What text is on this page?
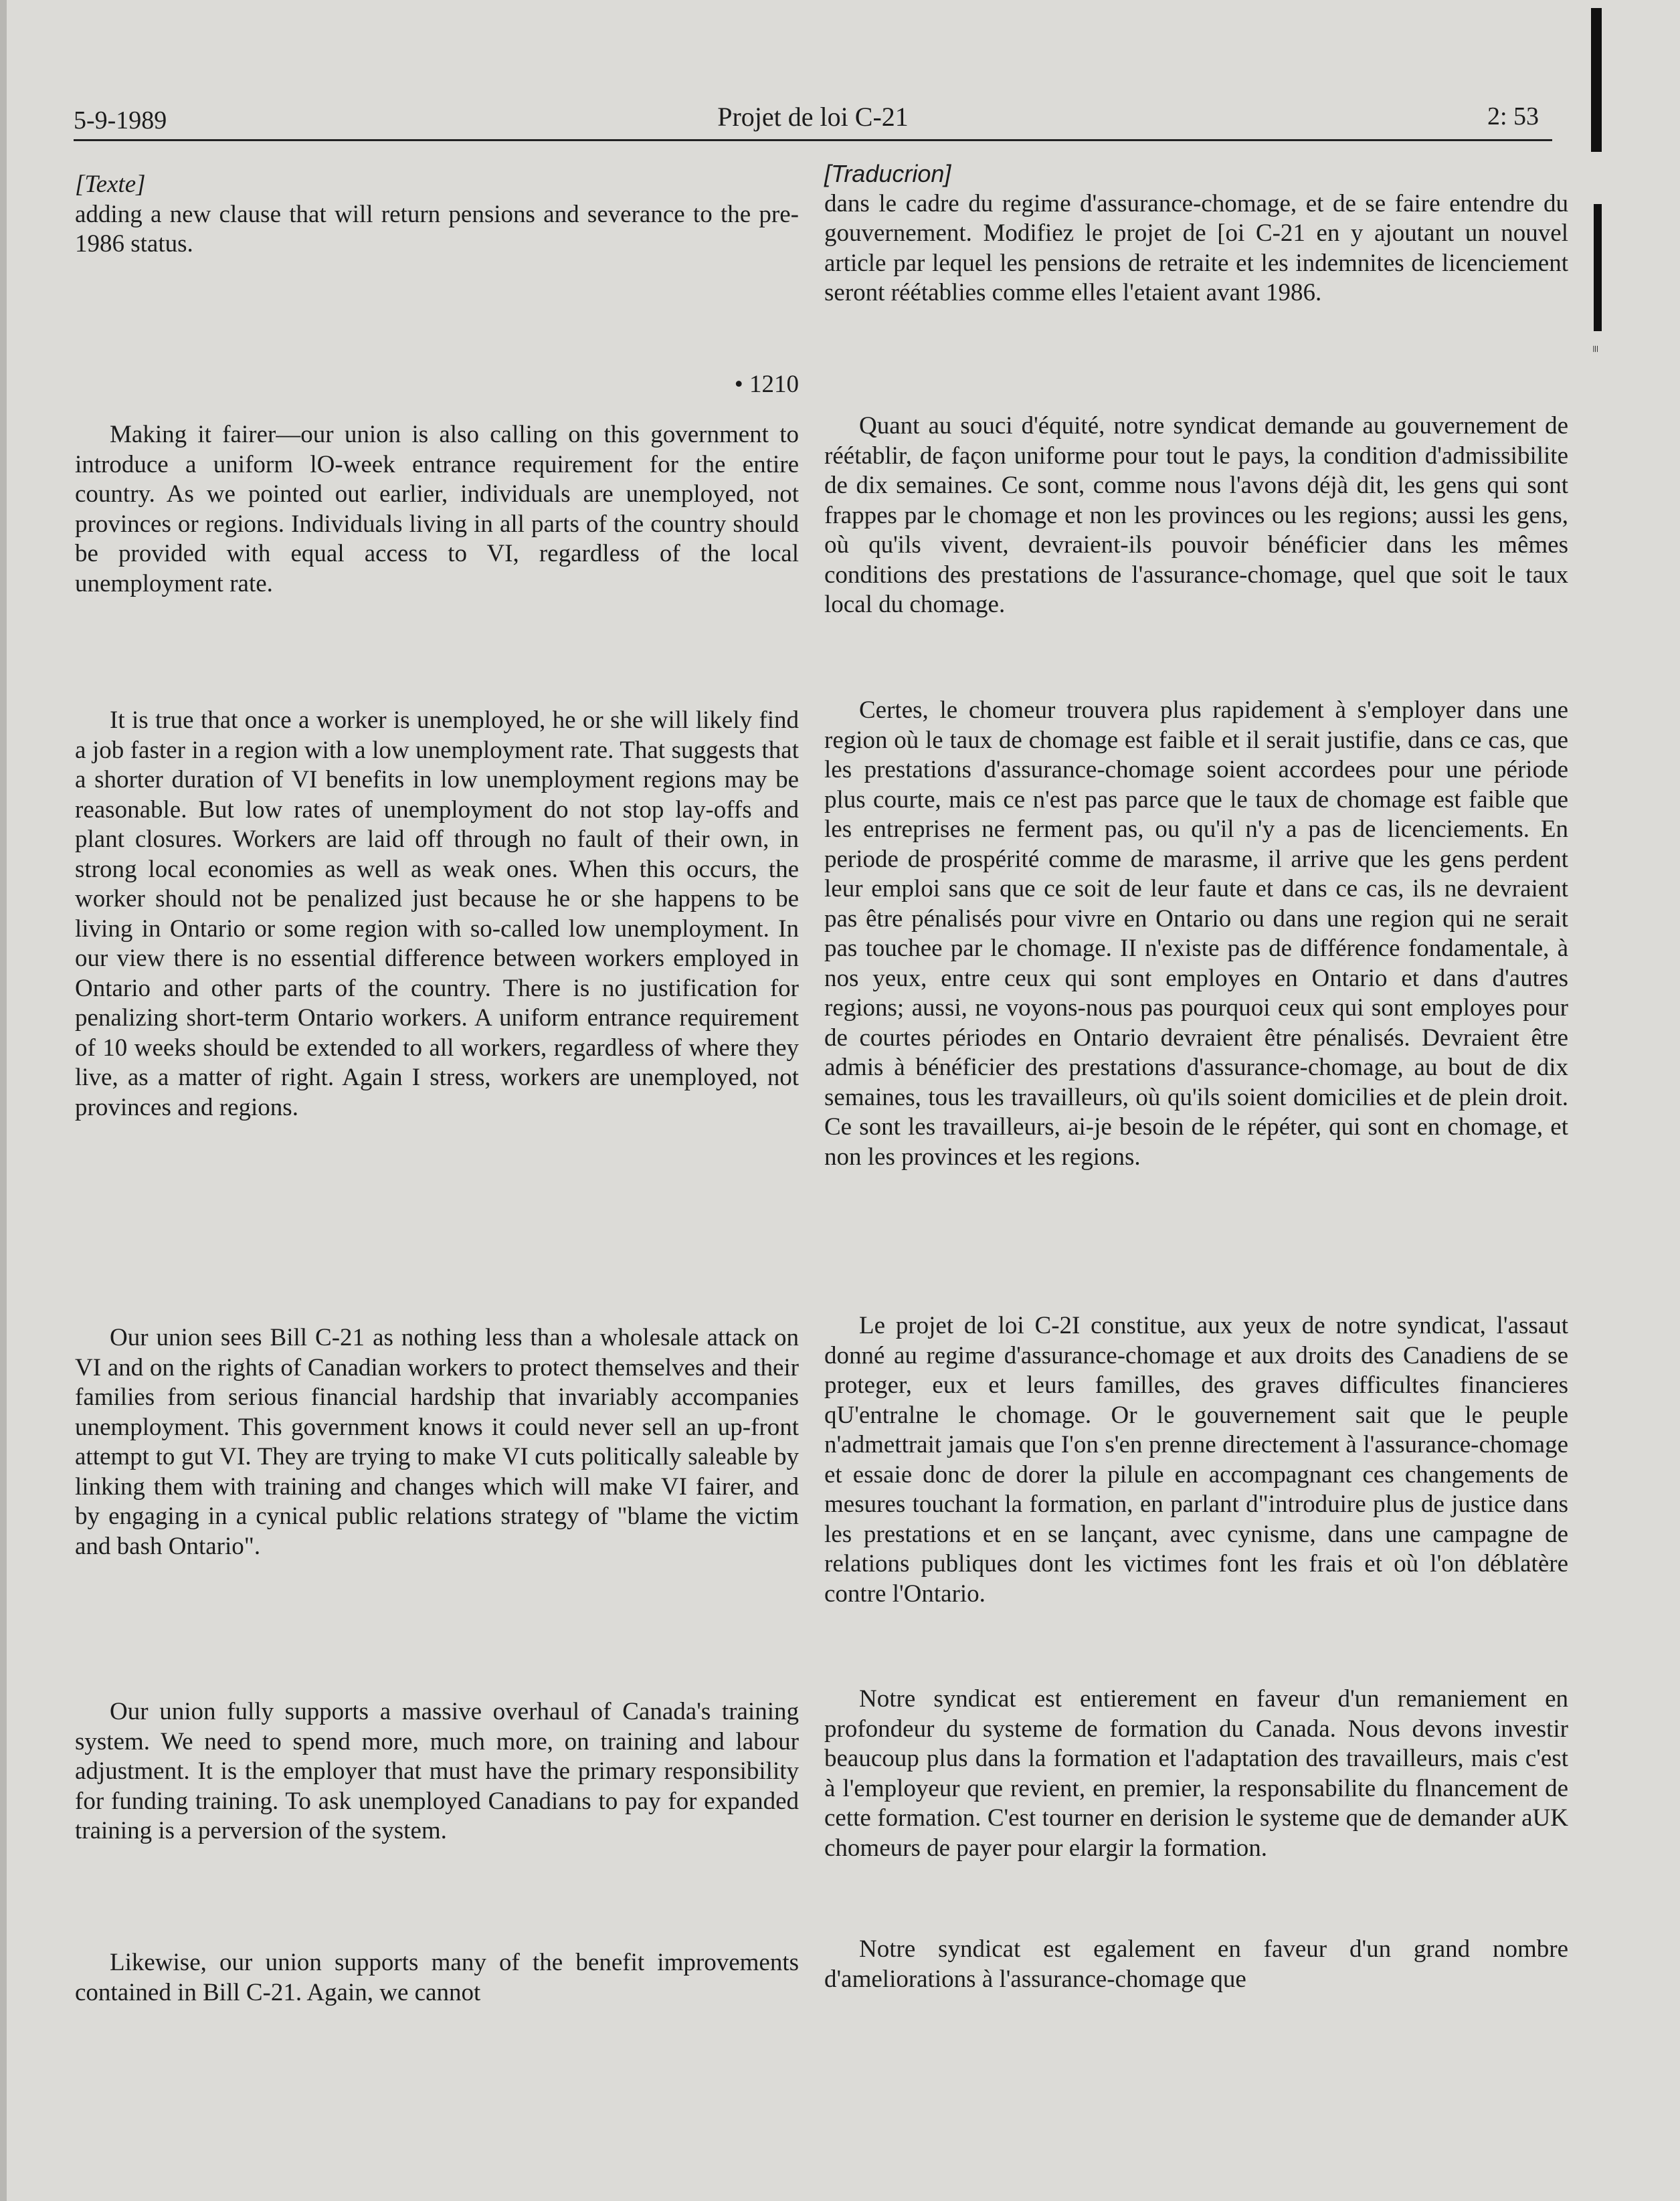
≡
5-9-1989	Projet de loi C-21	2: 53

[Texte]

adding a new clause that will return pensions and severance to the pre-1986 status.

• 1210

Making it fairer—our union is also calling on this government to introduce a uniform lO-week entrance requirement for the entire country. As we pointed out earlier, individuals are unemployed, not provinces or regions. Individuals living in all parts of the country should be provided with equal access to VI, regardless of the local unemployment rate.

It is true that once a worker is unemployed, he or she will likely find a job faster in a region with a low unemployment rate. That suggests that a shorter duration of VI benefits in low unemployment regions may be reasonable. But low rates of unemployment do not stop lay-offs and plant closures. Workers are laid off through no fault of their own, in strong local economies as well as weak ones. When this occurs, the worker should not be penalized just because he or she happens to be living in Ontario or some region with so-called low unemployment. In our view there is no essential difference between workers employed in Ontario and other parts of the country. There is no justification for penalizing short-term Ontario workers. A uniform entrance requirement of 10 weeks should be extended to all workers, regardless of where they live, as a matter of right. Again I stress, workers are unemployed, not provinces and regions.

Our union sees Bill C-21 as nothing less than a wholesale attack on VI and on the rights of Canadian workers to protect themselves and their families from serious financial hardship that invariably accompanies unemployment. This government knows it could never sell an up-front attempt to gut VI. They are trying to make VI cuts politically saleable by linking them with training and changes which will make VI fairer, and by engaging in a cynical public relations strategy of "blame the victim and bash Ontario".

Our union fully supports a massive overhaul of Canada's training system. We need to spend more, much more, on training and labour adjustment. It is the employer that must have the primary responsibility for funding training. To ask unemployed Canadians to pay for expanded training is a perversion of the system.

Likewise, our union supports many of the benefit improvements contained in Bill C-21. Again, we cannot

[Traducrion]

dans le cadre du regime d'assurance-chomage, et de se faire entendre du gouvernement. Modifiez le projet de [oi C-21 en y ajoutant un nouvel article par lequel les pensions de retraite et les indemnites de licenciement seront réétablies comme elles l'etaient avant 1986.

Quant au souci d'équité, notre syndicat demande au gouvernement de réétablir, de façon uniforme pour tout le pays, la condition d'admissibilite de dix semaines. Ce sont, comme nous l'avons déjà dit, les gens qui sont frappes par le chomage et non les provinces ou les regions; aussi les gens, où qu'ils vivent, devraient-ils pouvoir bénéficier dans les mêmes conditions des prestations de l'assurance-chomage, quel que soit le taux local du chomage.

Certes, le chomeur trouvera plus rapidement à s'employer dans une region où le taux de chomage est faible et il serait justifie, dans ce cas, que les prestations d'assurance-chomage soient accordees pour une période plus courte, mais ce n'est pas parce que le taux de chomage est faible que les entreprises ne ferment pas, ou qu'il n'y a pas de licenciements. En periode de prospérité comme de marasme, il arrive que les gens perdent leur emploi sans que ce soit de leur faute et dans ce cas, ils ne devraient pas être pénalisés pour vivre en Ontario ou dans une region qui ne serait pas touchee par le chomage. II n'existe pas de différence fondamentale, à nos yeux, entre ceux qui sont employes en Ontario et dans d'autres regions; aussi, ne voyons-nous pas pourquoi ceux qui sont employes pour de courtes périodes en Ontario devraient être pénalisés. Devraient être admis à bénéficier des prestations d'assurance-chomage, au bout de dix semaines, tous les travailleurs, où qu'ils soient domicilies et de plein droit. Ce sont les travailleurs, ai-je besoin de le répéter, qui sont en chomage, et non les provinces et les regions.

Le projet de loi C-2I constitue, aux yeux de notre syndicat, l'assaut donné au regime d'assurance-chomage et aux droits des Canadiens de se proteger, eux et leurs familles, des graves difficultes financieres qU'entralne le chomage. Or le gouvernement sait que le peuple n'admettrait jamais que I'on s'en prenne directement à l'assurance-chomage et essaie donc de dorer la pilule en accompagnant ces changements de mesures touchant la formation, en parlant d"introduire plus de justice dans les prestations et en se lançant, avec cynisme, dans une campagne de relations publiques dont les victimes font les frais et où l'on déblatère contre l'Ontario.

Notre syndicat est entierement en faveur d'un remaniement en profondeur du systeme de formation du Canada. Nous devons investir beaucoup plus dans la formation et l'adaptation des travailleurs, mais c'est à l'employeur que revient, en premier, la responsabilite du flnancement de cette formation. C'est tourner en derision le systeme que de demander aUK chomeurs de payer pour elargir la formation.

Notre syndicat est egalement en faveur d'un grand nombre d'ameliorations à l'assurance-chomage que
